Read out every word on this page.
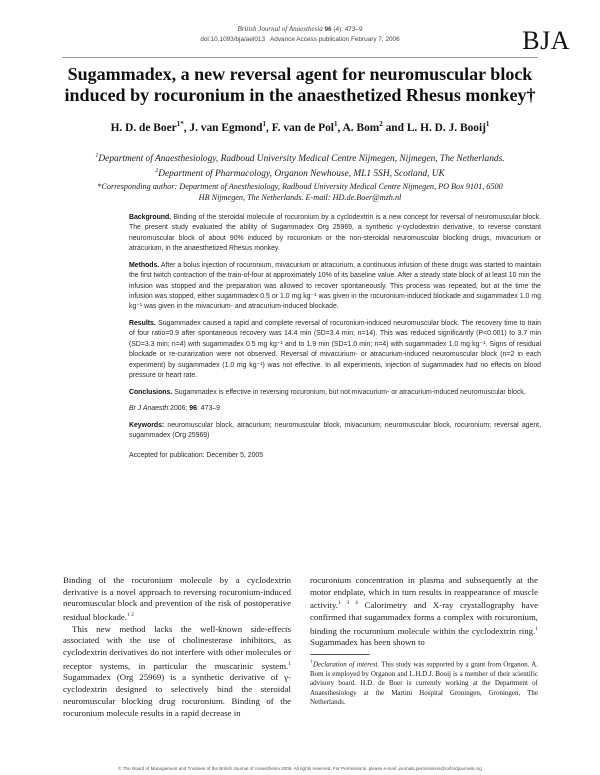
British Journal of Anaesthesia 96 (4): 473–9
doi:10.1093/bja/ael013 Advance Access publication February 7, 2006	BJA
Sugammadex, a new reversal agent for neuromuscular block induced by rocuronium in the anaesthetized Rhesus monkey†
H. D. de Boer$^{1*}$, J. van Egmond$^1$, F. van de Pol$^1$, A. Bom$^2$ and L. H. D. J. Booij$^1$
$^1$Department of Anaesthesiology, Radboud University Medical Centre Nijmegen, Nijmegen, The Netherlands. $^2$Department of Pharmacology, Organon Newhouse, ML1 5SH, Scotland, UK
*Corresponding author: Department of Anesthesiology, Radboud University Medical Centre Nijmegen, PO Box 9101, 6500 HB Nijmegen, The Netherlands. E-mail: HD.de.Boer@mzh.nl

Background. Binding of the steroidal molecule of rocuronium by a cyclodextrin is a new concept for reversal of neuromuscular block. The present study evaluated the ability of Sugammadex Org 25969, a synthetic γ-cyclodextrin derivative, to reverse constant neuromuscular block of about 90% induced by rocuronium or the non-steroidal neuromuscular blocking drugs, mivacurium or atracurium, in the anaesthetized Rhesus monkey.

Methods. After a bolus injection of rocuronium, mivacurium or atracurium, a continuous infusion of these drugs was started to maintain the first twitch contraction of the train-of-four at approximately 10% of its baseline value. After a steady state block of at least 10 min the infusion was stopped and the preparation was allowed to recover spontaneously. This process was repeated, but at the time the infusion was stopped, either sugammadex 0.5 or 1.0 mg kg⁻¹ was given in the rocuronium-induced blockade and sugammadex 1.0 mg kg⁻¹ was given in the mivacurium- and atracurium-induced blockade.

Results. Sugammadex caused a rapid and complete reversal of rocuronium-induced neuromuscular block. The recovery time to train of four ratio=0.9 after spontaneous recovery was 14.4 min (SD=3.4 min; n=14). This was reduced significantly (P<0.001) to 3.7 min (SD=3.3 min; n=4) with sugammadex 0.5 mg kg⁻¹ and to 1.9 min (SD=1.0 min; n=4) with sugammadex 1.0 mg kg⁻¹. Signs of residual blockade or re-curarization were not observed. Reversal of mivacurium- or atracurium-induced neuromuscular block (n=2 in each experiment) by sugammadex (1.0 mg kg⁻¹) was not effective. In all experiments, injection of sugammadex had no effects on blood pressure or heart rate.

Conclusions. Sugammadex is effective in reversing rocuronium, but not mivacurium- or atracurium-induced neuromuscular block.

Br J Anaesth 2006; 96: 473–9

Keywords: neuromuscular block, atracurium; neuromuscular block, mivacurium; neuromuscular block, rocuronium; reversal agent, sugammadex (Org 25969)

Accepted for publication: December 5, 2005

Binding of the rocuronium molecule by a cyclodextrin derivative is a novel approach to reversing rocuronium-induced neuromuscular block and prevention of the risk of postoperative residual blockade.$^{1 2}$

This new method lacks the well-known side-effects associated with the use of cholinesterase inhibitors, as cyclodextrin derivatives do not interfere with other molecules or receptor systems, in particular the muscarinic system.$^1$ Sugammadex (Org 25969) is a synthetic derivative of γ-cyclodextrin designed to selectively bind the steroidal neuromuscular blocking drug rocuronium. Binding of the rocuronium molecule results in a rapid decrease in

rocuronium concentration in plasma and subsequently at the motor endplate, which in turn results in reappearance of muscle activity.$^{1 3 4}$ Calorimetry and X-ray crystallography have confirmed that sugammadex forms a complex with rocuronium, binding the rocuronium molecule within the cyclodextrin ring.$^1$ Sugammadex has been shown to

†Declaration of interest. This study was supported by a grant from Organon. A. Bom is employed by Organon and L.H.D.J. Booij is a member of their scientific advisory board. H.D. de Boer is currently working at the Department of Anaesthesiology at the Martini Hospital Groningen, Groningen, The Netherlands.
© The Board of Management and Trustees of the British Journal of Anaesthesia 2006. All rights reserved. For Permissions, please e-mail: journals.permissions@oxfordjournals.org
